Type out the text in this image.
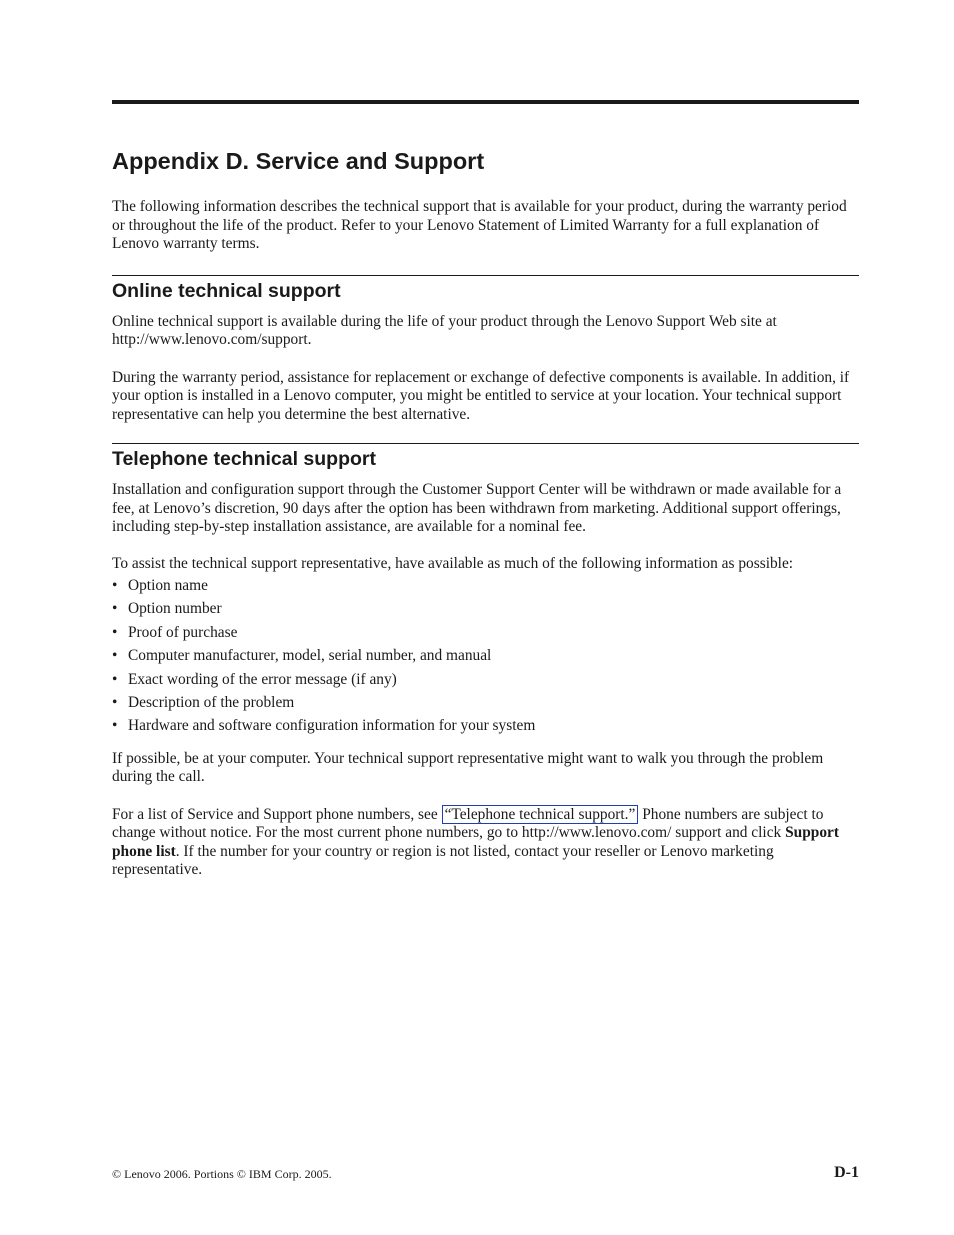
Appendix D. Service and Support

The following information describes the technical support that is available for your product, during the warranty period or throughout the life of the product. Refer to your Lenovo Statement of Limited Warranty for a full explanation of Lenovo warranty terms.

Online technical support

Online technical support is available during the life of your product through the Lenovo Support Web site at http://www.lenovo.com/support.

During the warranty period, assistance for replacement or exchange of defective components is available. In addition, if your option is installed in a Lenovo computer, you might be entitled to service at your location. Your technical support representative can help you determine the best alternative.

Telephone technical support

Installation and configuration support through the Customer Support Center will be withdrawn or made available for a fee, at Lenovo’s discretion, 90 days after the option has been withdrawn from marketing. Additional support offerings, including step-by-step installation assistance, are available for a nominal fee.

To assist the technical support representative, have available as much of the following information as possible:

• Option name
• Option number
• Proof of purchase
• Computer manufacturer, model, serial number, and manual
• Exact wording of the error message (if any)
• Description of the problem
• Hardware and software configuration information for your system

If possible, be at your computer. Your technical support representative might want to walk you through the problem during the call.

For a list of Service and Support phone numbers, see “Telephone technical support.” Phone numbers are subject to change without notice. For the most current phone numbers, go to http://www.lenovo.com/ support and click Support phone list. If the number for your country or region is not listed, contact your reseller or Lenovo marketing representative.

© Lenovo 2006. Portions © IBM Corp. 2005.	D-1
